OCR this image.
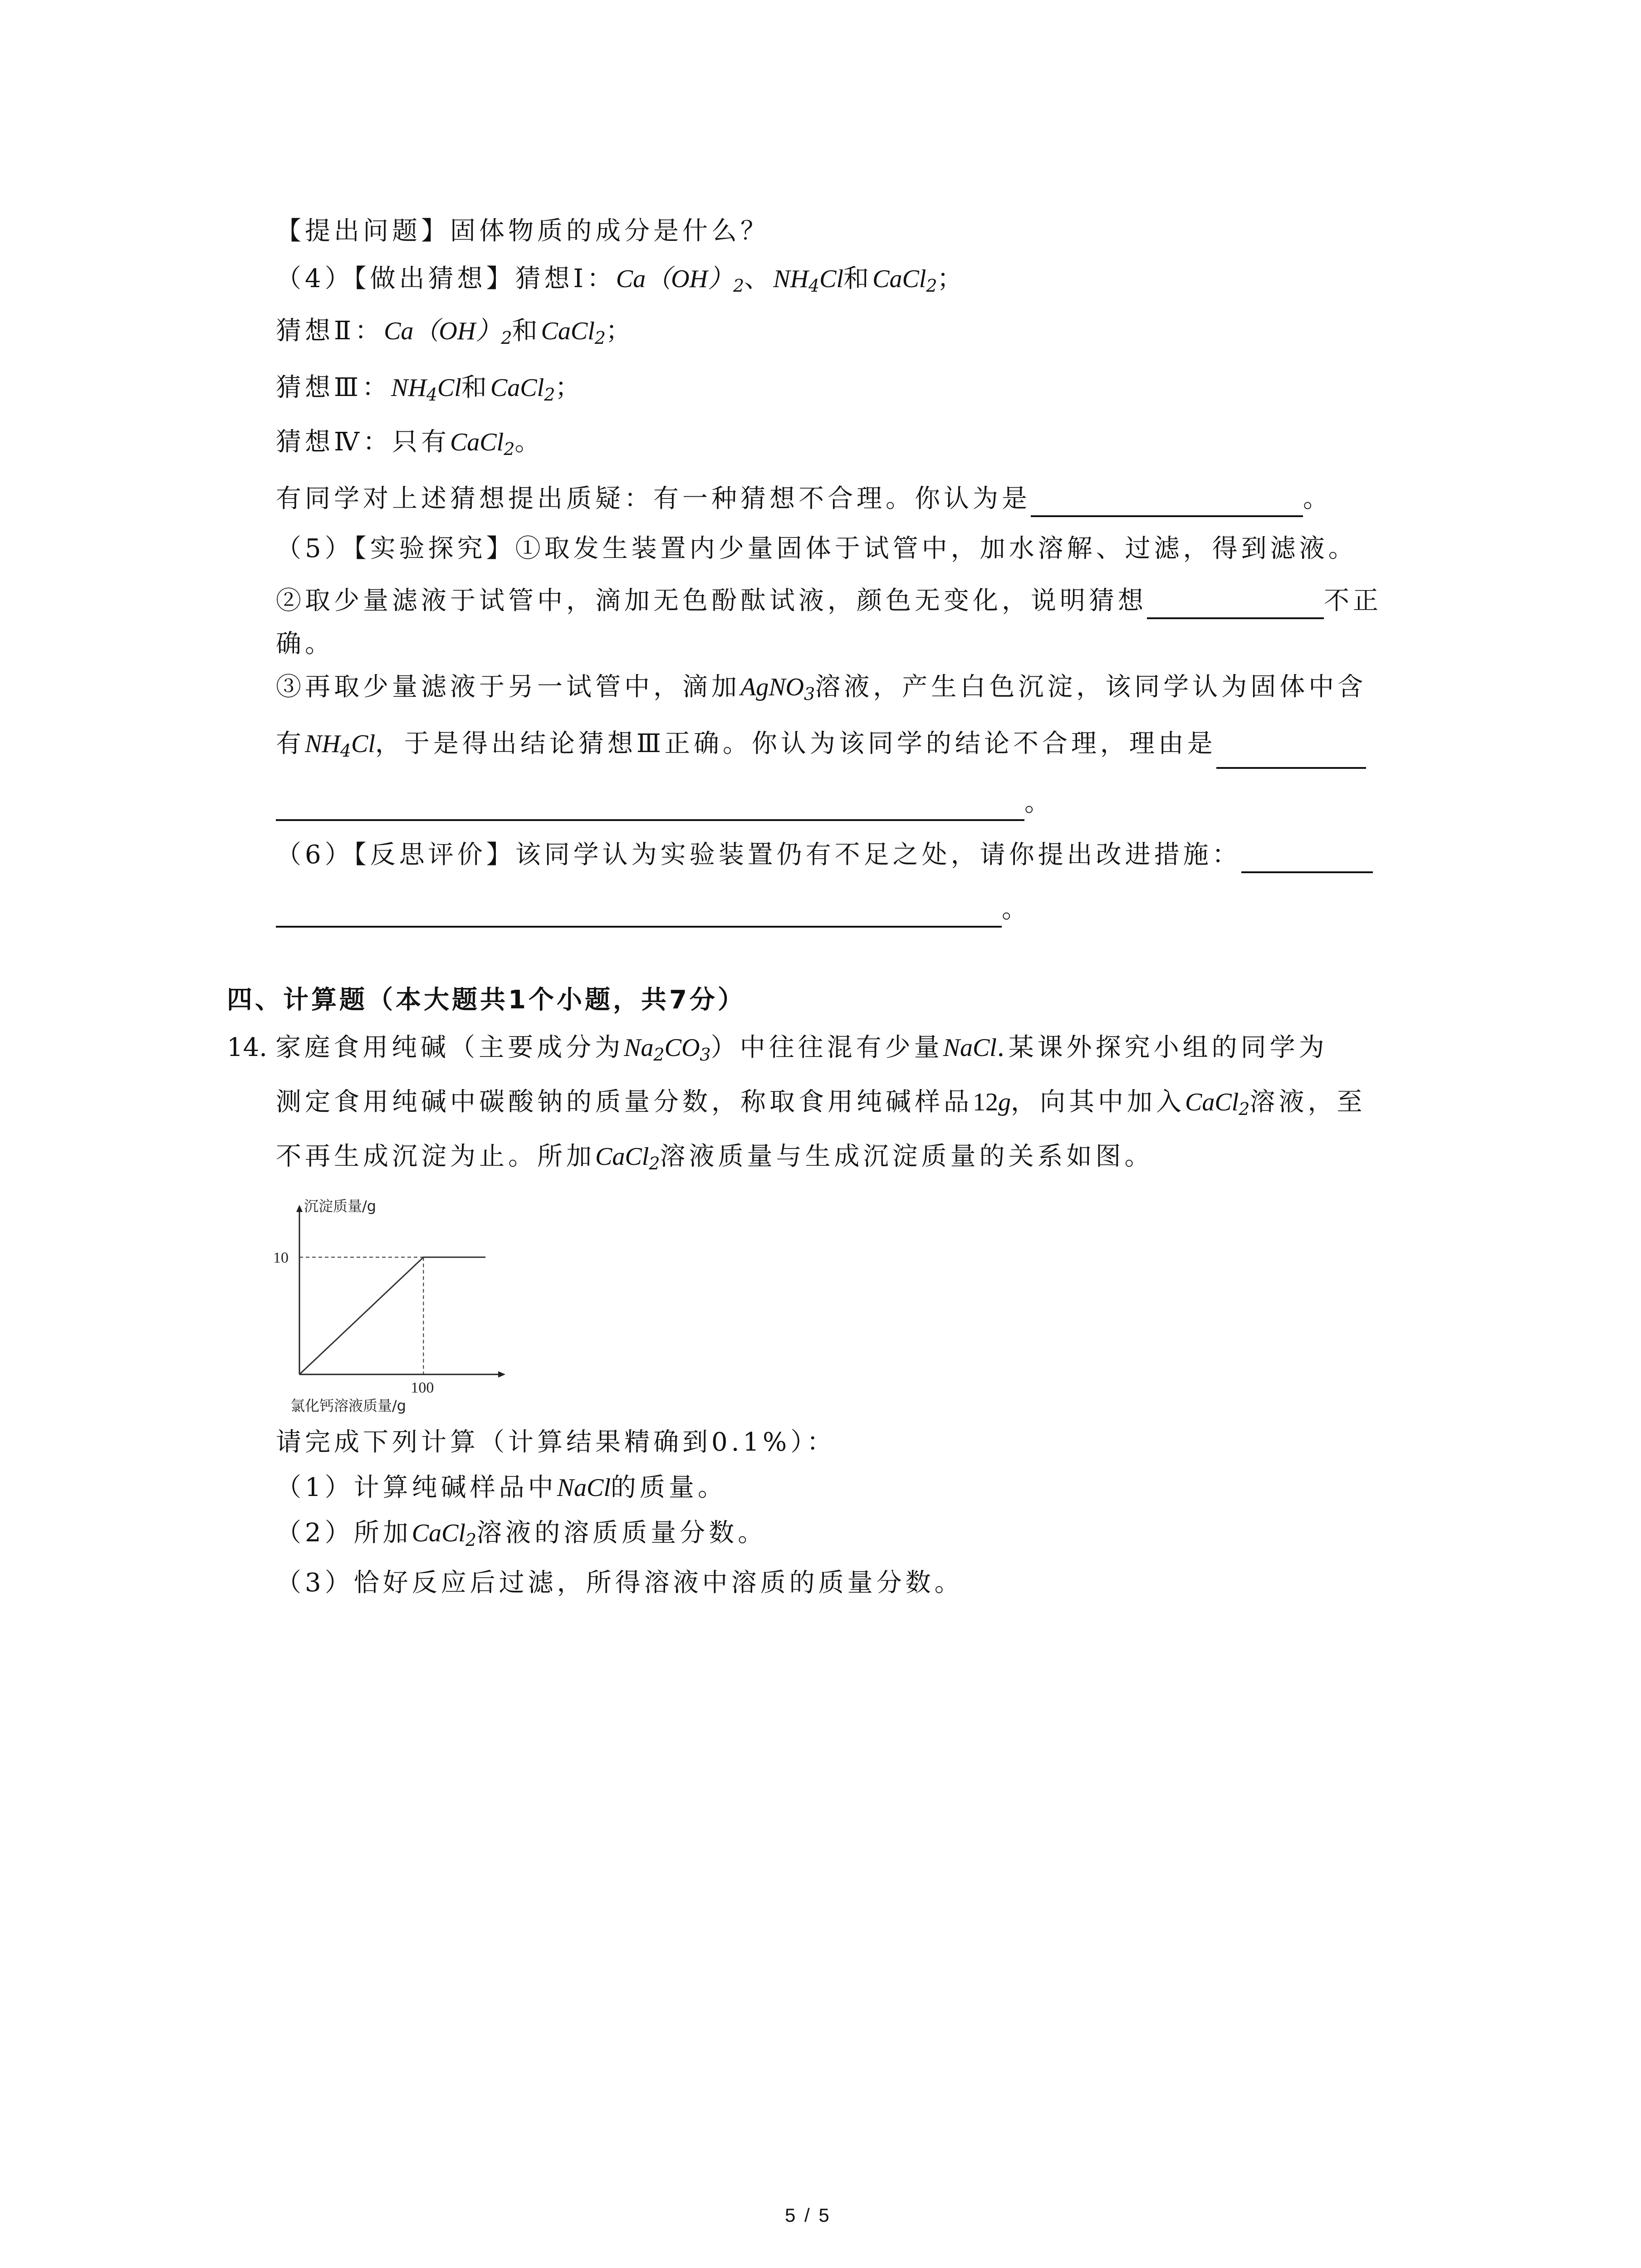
【提出问题】固体物质的成分是什么？
（4）【做出猜想】猜想Ⅰ：$Ca(OH)_2$、$NH_4Cl$和CaCl$_2$；
猜想Ⅱ：$Ca(OH)_2$和CaCl$_2$；
猜想Ⅲ：$NH_4Cl$和CaCl$_2$；
猜想Ⅳ：只有CaCl$_2$。
有同学对上述猜想提出质疑：有一种猜想不合理。你认为是	。
（5）【实验探究】①取发生装置内少量固体于试管中，加水溶解、过滤，得到滤液。
②取少量滤液于试管中，滴加无色酚酞试液，颜色无变化，说明猜想	不正
确。
③再取少量滤液于另一试管中，滴加AgNO$_3$溶液，产生白色沉淀，该同学认为固体中含
有$NH_4Cl$，于是得出结论猜想Ⅲ正确。你认为该同学的结论不合理，理由是
。
（6）【反思评价】该同学认为实验装置仍有不足之处，请你提出改进措施：
。
四、计算题（本大题共1个小题，共7分）
14. 家庭食用纯碱（主要成分为$Na_2CO_3$）中往往混有少量NaCl.某课外探究小组的同学为
测定食用纯碱中碳酸钠的质量分数，称取食用纯碱样品12g，向其中加入CaCl$_2$溶液，至
不再生成沉淀为止。所加CaCl$_2$溶液质量与生成沉淀质量的关系如图。
10
100
沉淀质量/g
氯化钙溶液质量/g
请完成下列计算（计算结果精确到0.1%）：
（1）计算纯碱样品中NaCl的质量。
（2）所加CaCl$_2$溶液的溶质质量分数。
（3）恰好反应后过滤，所得溶液中溶质的质量分数。
5 / 5
